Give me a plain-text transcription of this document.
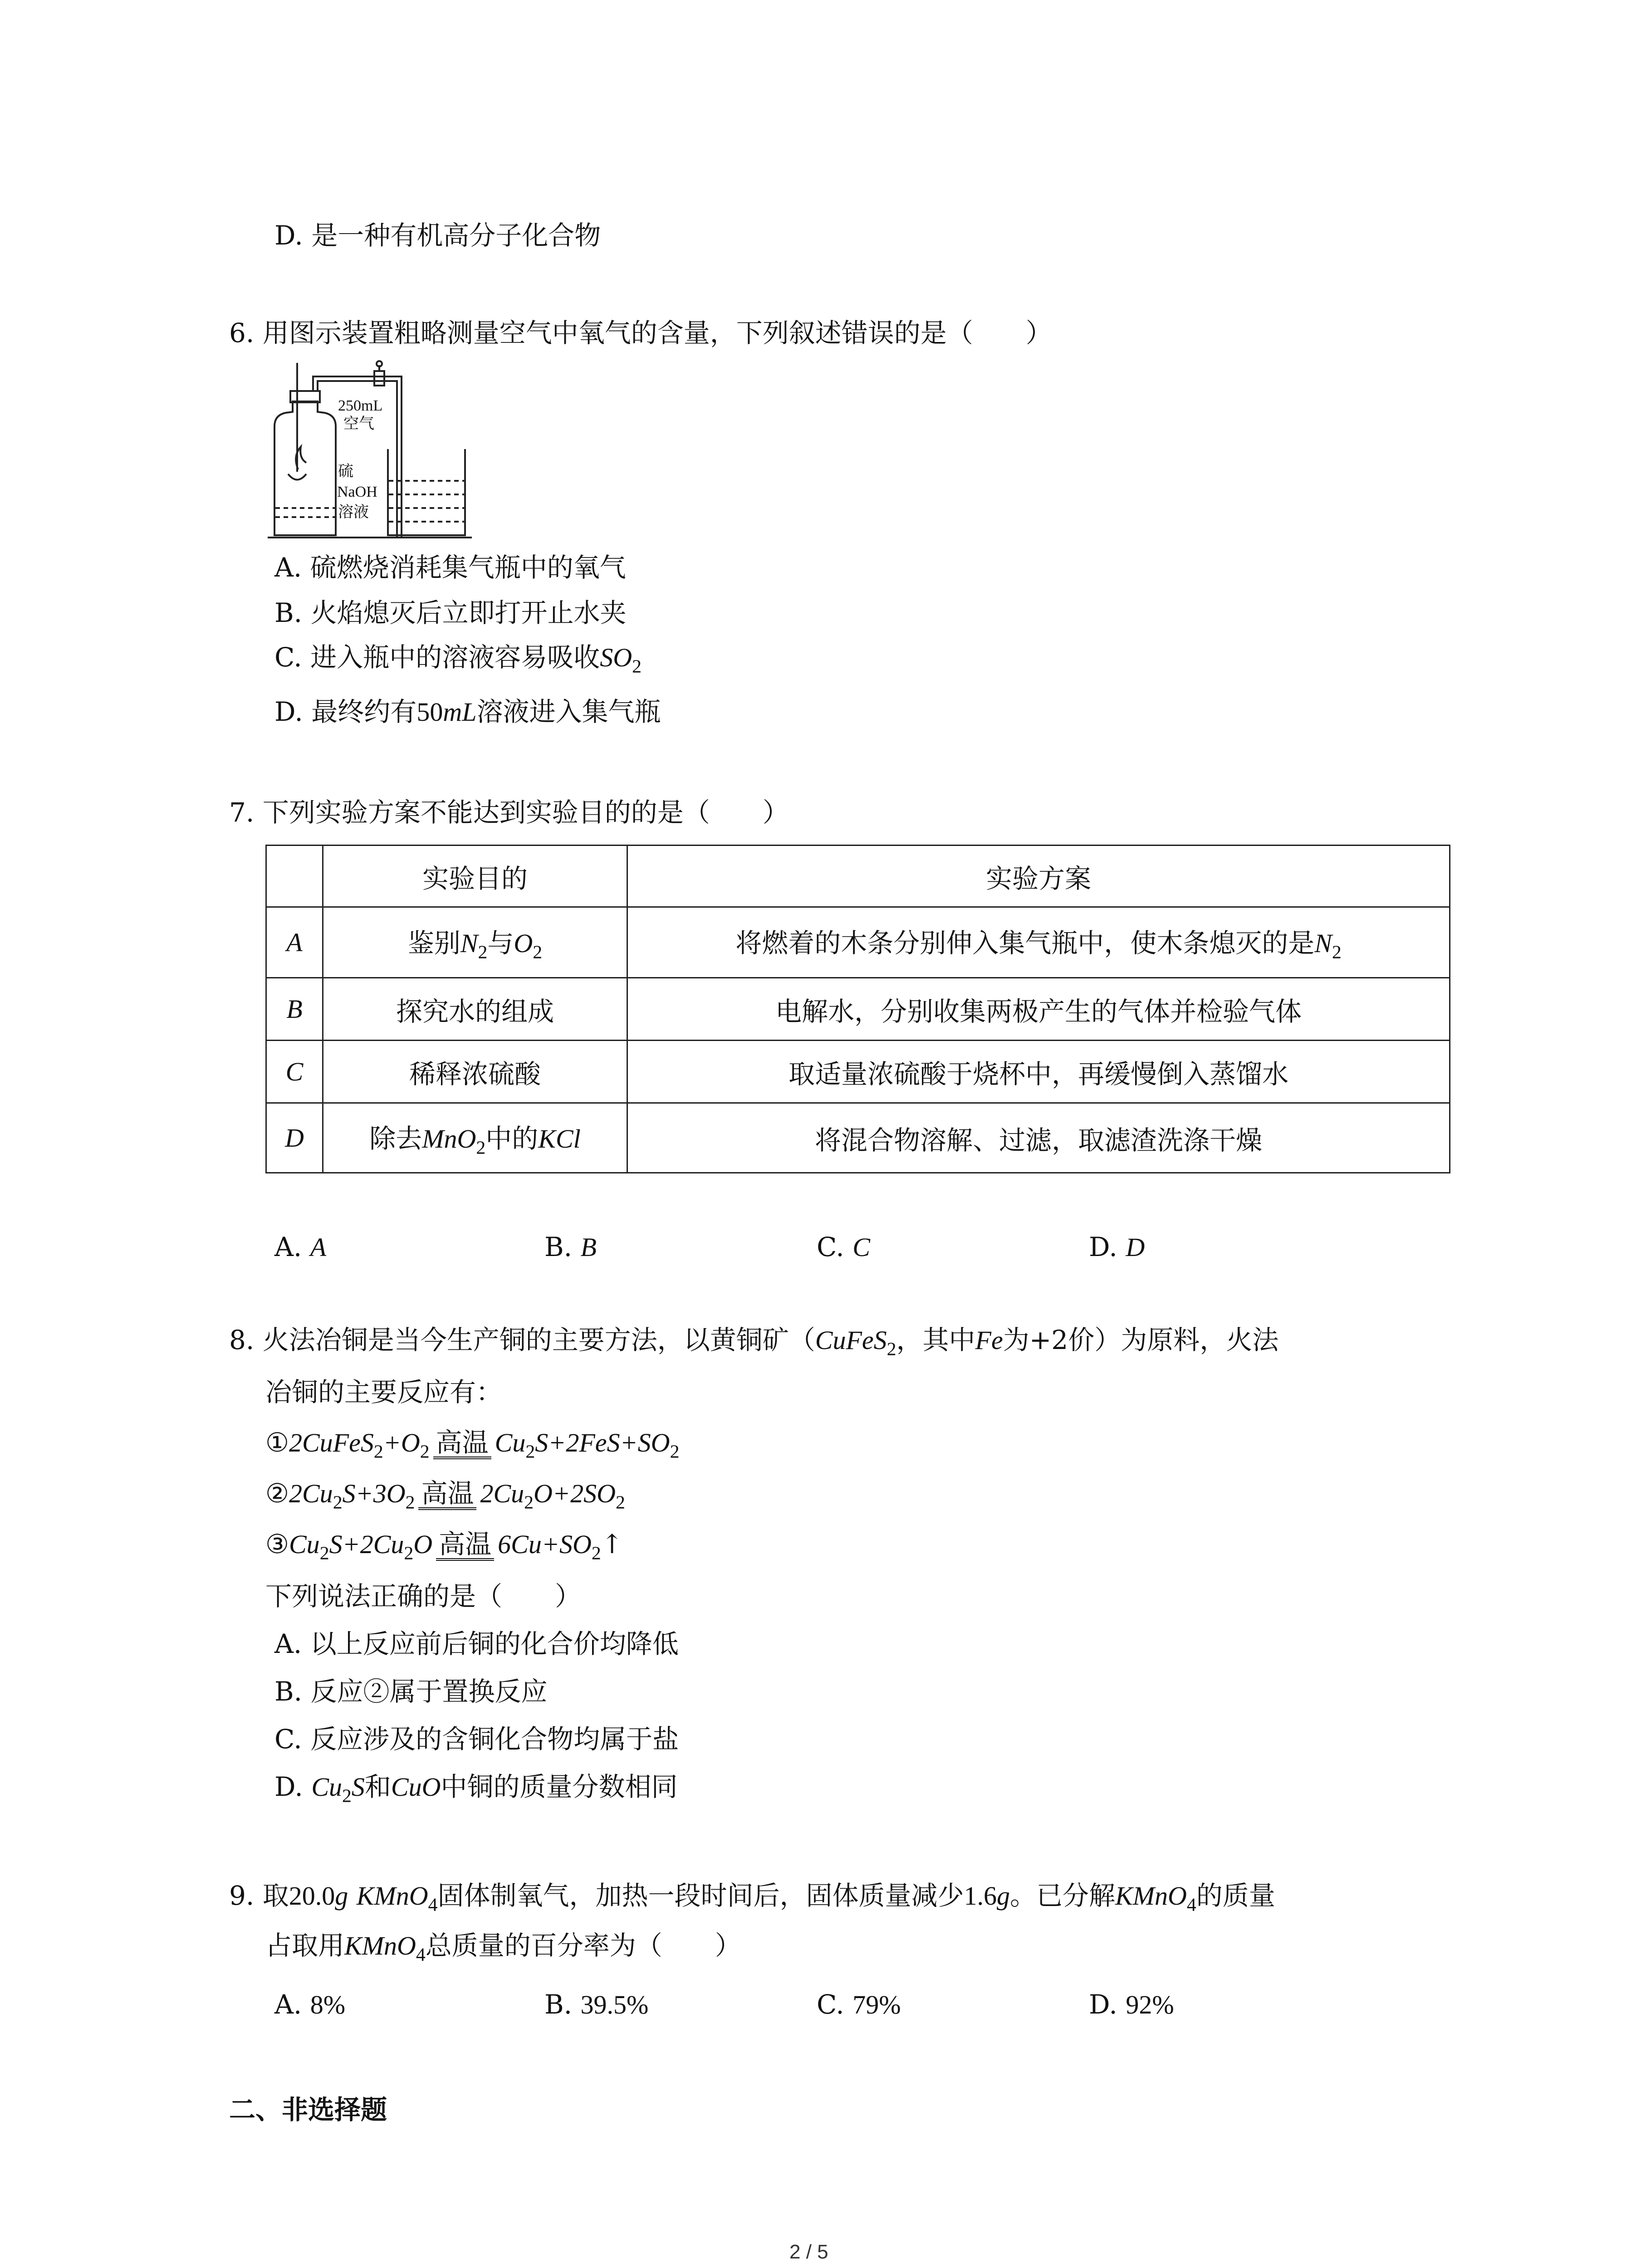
D. 是一种有机高分子化合物
6. 用图示装置粗略测量空气中氧气的含量，下列叙述错误的是（　　）
250mL
空气
硫
NaOH
溶液
A. 硫燃烧消耗集气瓶中的氧气
B. 火焰熄灭后立即打开止水夹
C. 进入瓶中的溶液容易吸收$SO_2$
D. 最终约有50mL溶液进入集气瓶
7. 下列实验方案不能达到实验目的的是（　　）
	实验目的	实验方案
A	鉴别$N_2$与$O_2$	将燃着的木条分别伸入集气瓶中，使木条熄灭的是$N_2$
B	探究水的组成	电解水，分别收集两极产生的气体并检验气体
C	稀释浓硫酸	取适量浓硫酸于烧杯中，再缓慢倒入蒸馏水
D	除去MnO$_2$中的KCl	将混合物溶解、过滤，取滤渣洗涤干燥
A. A	B. B	C. C	D. D
8. 火法冶铜是当今生产铜的主要方法，以黄铜矿（CuFeS$_2$，其中Fe为+2价）为原料，火法
冶铜的主要反应有：
$①2CuFeS_2+O_2$ 高温 $Cu_2S+2FeS+SO_2$
$②2Cu_2S+3O_2$ 高温 $2Cu_2O+2SO_2$
$③Cu_2S+2Cu_2O$ 高温 $6Cu+SO_2↑$
下列说法正确的是（　　）
A. 以上反应前后铜的化合价均降低
B. 反应②属于置换反应
C. 反应涉及的含铜化合物均属于盐
D. $Cu_2S$和CuO中铜的质量分数相同
9. 取20.0g KMnO$_4$固体制氧气，加热一段时间后，固体质量减少1.6g。已分解KMnO$_4$的质量
占取用KMnO$_4$总质量的百分率为（　　）
A. 8%	B. 39.5%	C. 79%	D. 92%
二、非选择题
2 / 5
